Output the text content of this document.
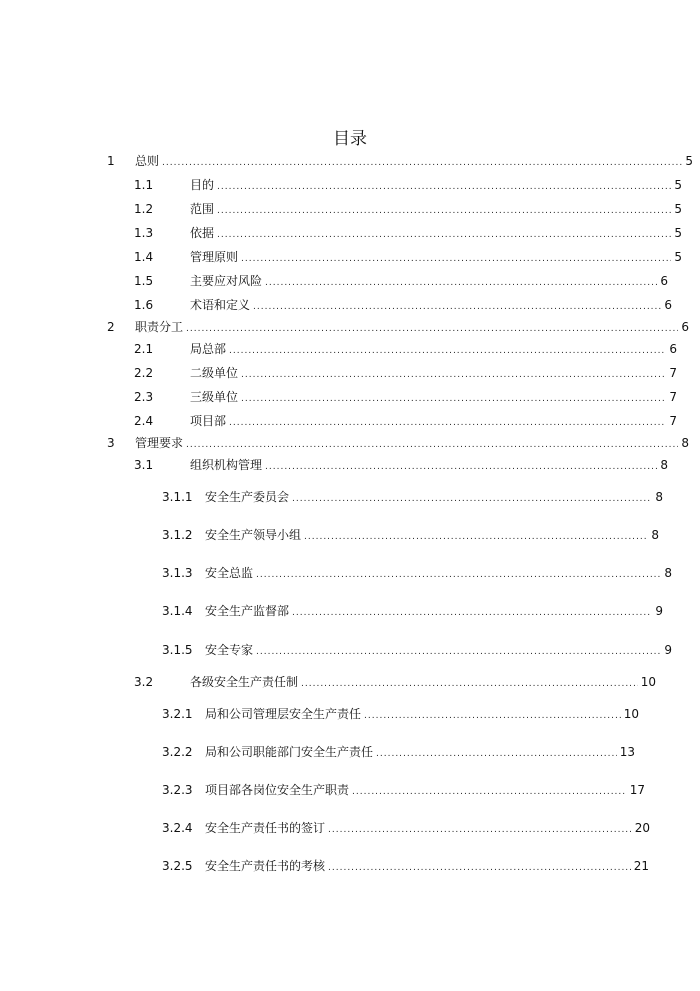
目录
1	总则 .....	5
1.1	目的 .....	5
1.2	范围 .....	5
1.3	依据 .....	5
1.4	管理原则 .....	5
1.5	主要应对风险 .....	6
1.6	术语和定义 .....	6
2	职责分工 .....	6
2.1	局总部 .....	6
2.2	二级单位 .....	7
2.3	三级单位 .....	7
2.4	项目部 .....	7
3	管理要求 .....	8
3.1	组织机构管理 .....	8
3.1.1	安全生产委员会 .....	8
3.1.2	安全生产领导小组 .....	8
3.1.3	安全总监 .....	8
3.1.4	安全生产监督部 .....	9
3.1.5	安全专家 .....	9
3.2	各级安全生产责任制 .....	10
3.2.1	局和公司管理层安全生产责任 .....	10
3.2.2	局和公司职能部门安全生产责任 .....	13
3.2.3	项目部各岗位安全生产职责 .....	17
3.2.4	安全生产责任书的签订 .....	20
3.2.5	安全生产责任书的考核 .....	21
